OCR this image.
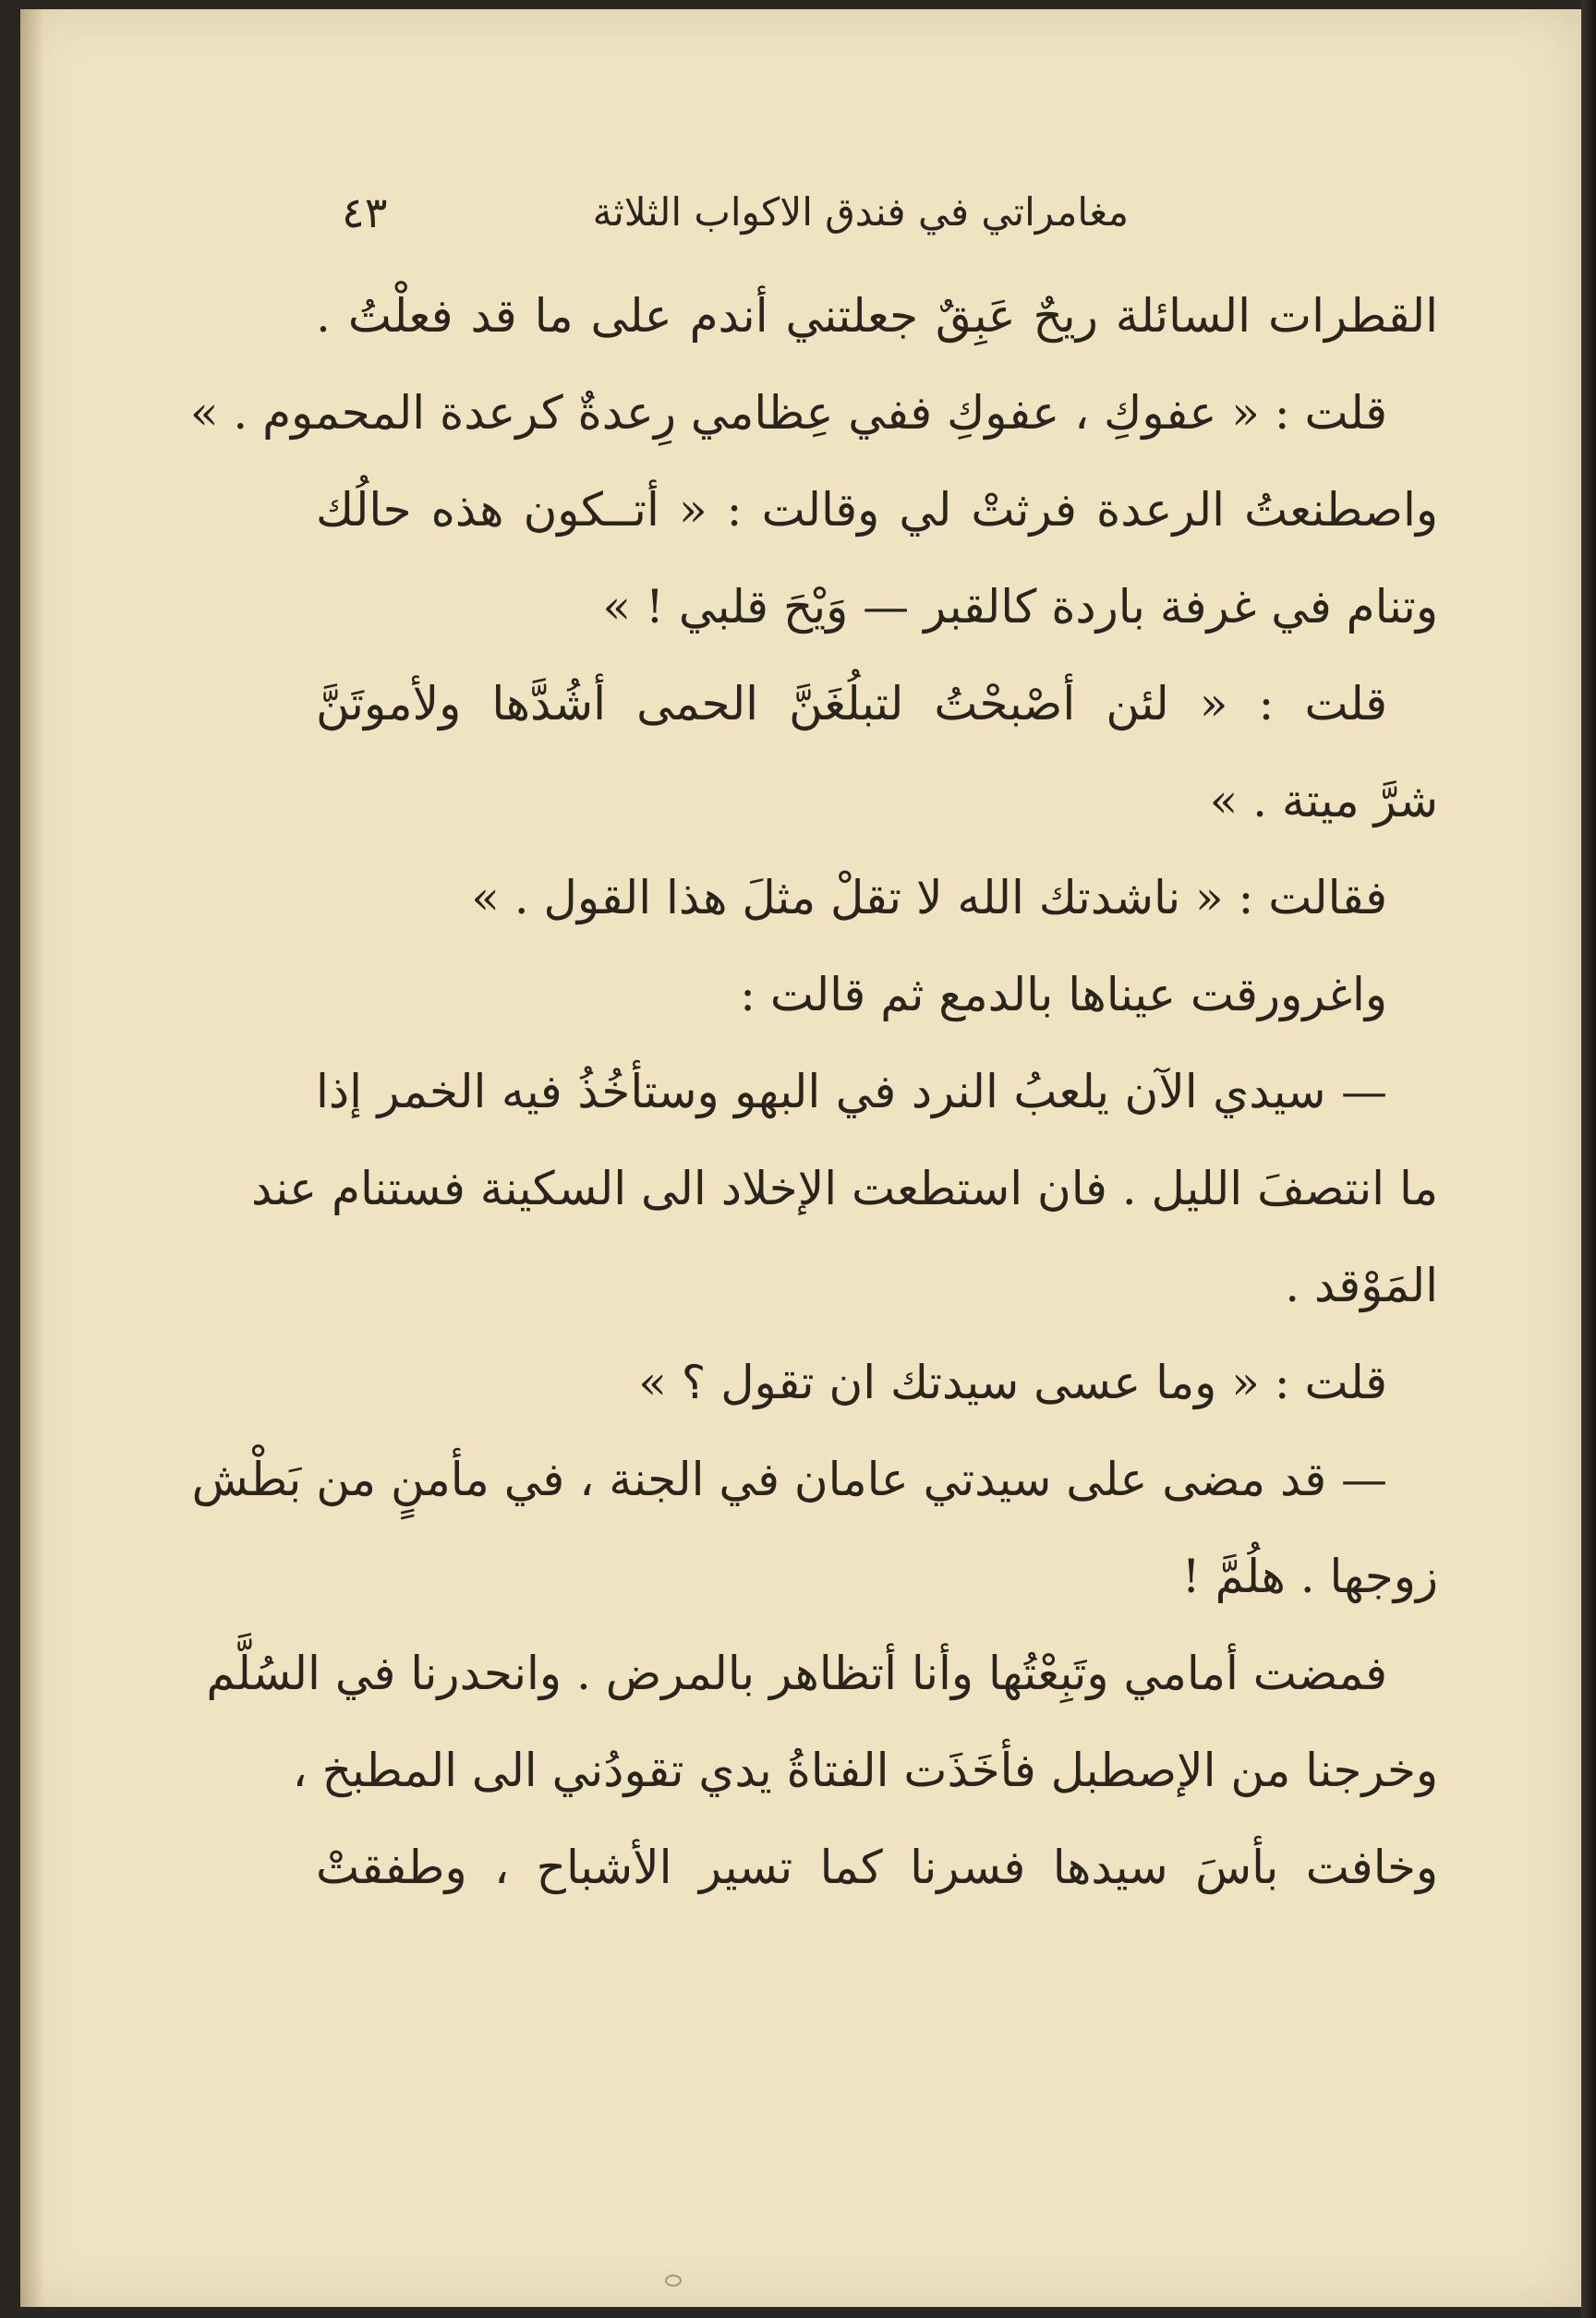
مغامراتي في فندق الاكواب الثلاثة
٤٣
القطرات السائلة ريحٌ عَبِقٌ جعلتني أندم على ما قد فعلْتُ .
قلت : « عفوكِ ، عفوكِ ففي عِظامي رِعدةٌ كرعدة المحموم . »
واصطنعتُ الرعدة فرثتْ لي وقالت : « أتــكون هذه حالُك
وتنام في غرفة باردة كالقبر — وَيْحَ قلبي ! »
قلت : « لئن أصْبحْتُ لتبلُغَنَّ الحمى أشُدَّها ولأموتَنَّ
شرَّ ميتة . »
فقالت : « ناشدتك الله لا تقلْ مثلَ هذا القول . »
واغرورقت عيناها بالدمع ثم قالت :
— سيدي الآن يلعبُ النرد في البهو وستأخُذُ فيه الخمر إذا
ما انتصفَ الليل . فان استطعت الإخلاد الى السكينة فستنام عند
المَوْقد .
قلت : « وما عسى سيدتك ان تقول ؟ »
— قد مضى على سيدتي عامان في الجنة ، في مأمنٍ من بَطْش
زوجها . هلُمَّ !
فمضت أمامي وتَبِعْتُها وأنا أتظاهر بالمرض . وانحدرنا في السُلَّم
وخرجنا من الإصطبل فأخَذَت الفتاةُ يدي تقودُني الى المطبخ ،
وخافت بأسَ سيدها فسرنا كما تسير الأشباح ، وطفقتْ
